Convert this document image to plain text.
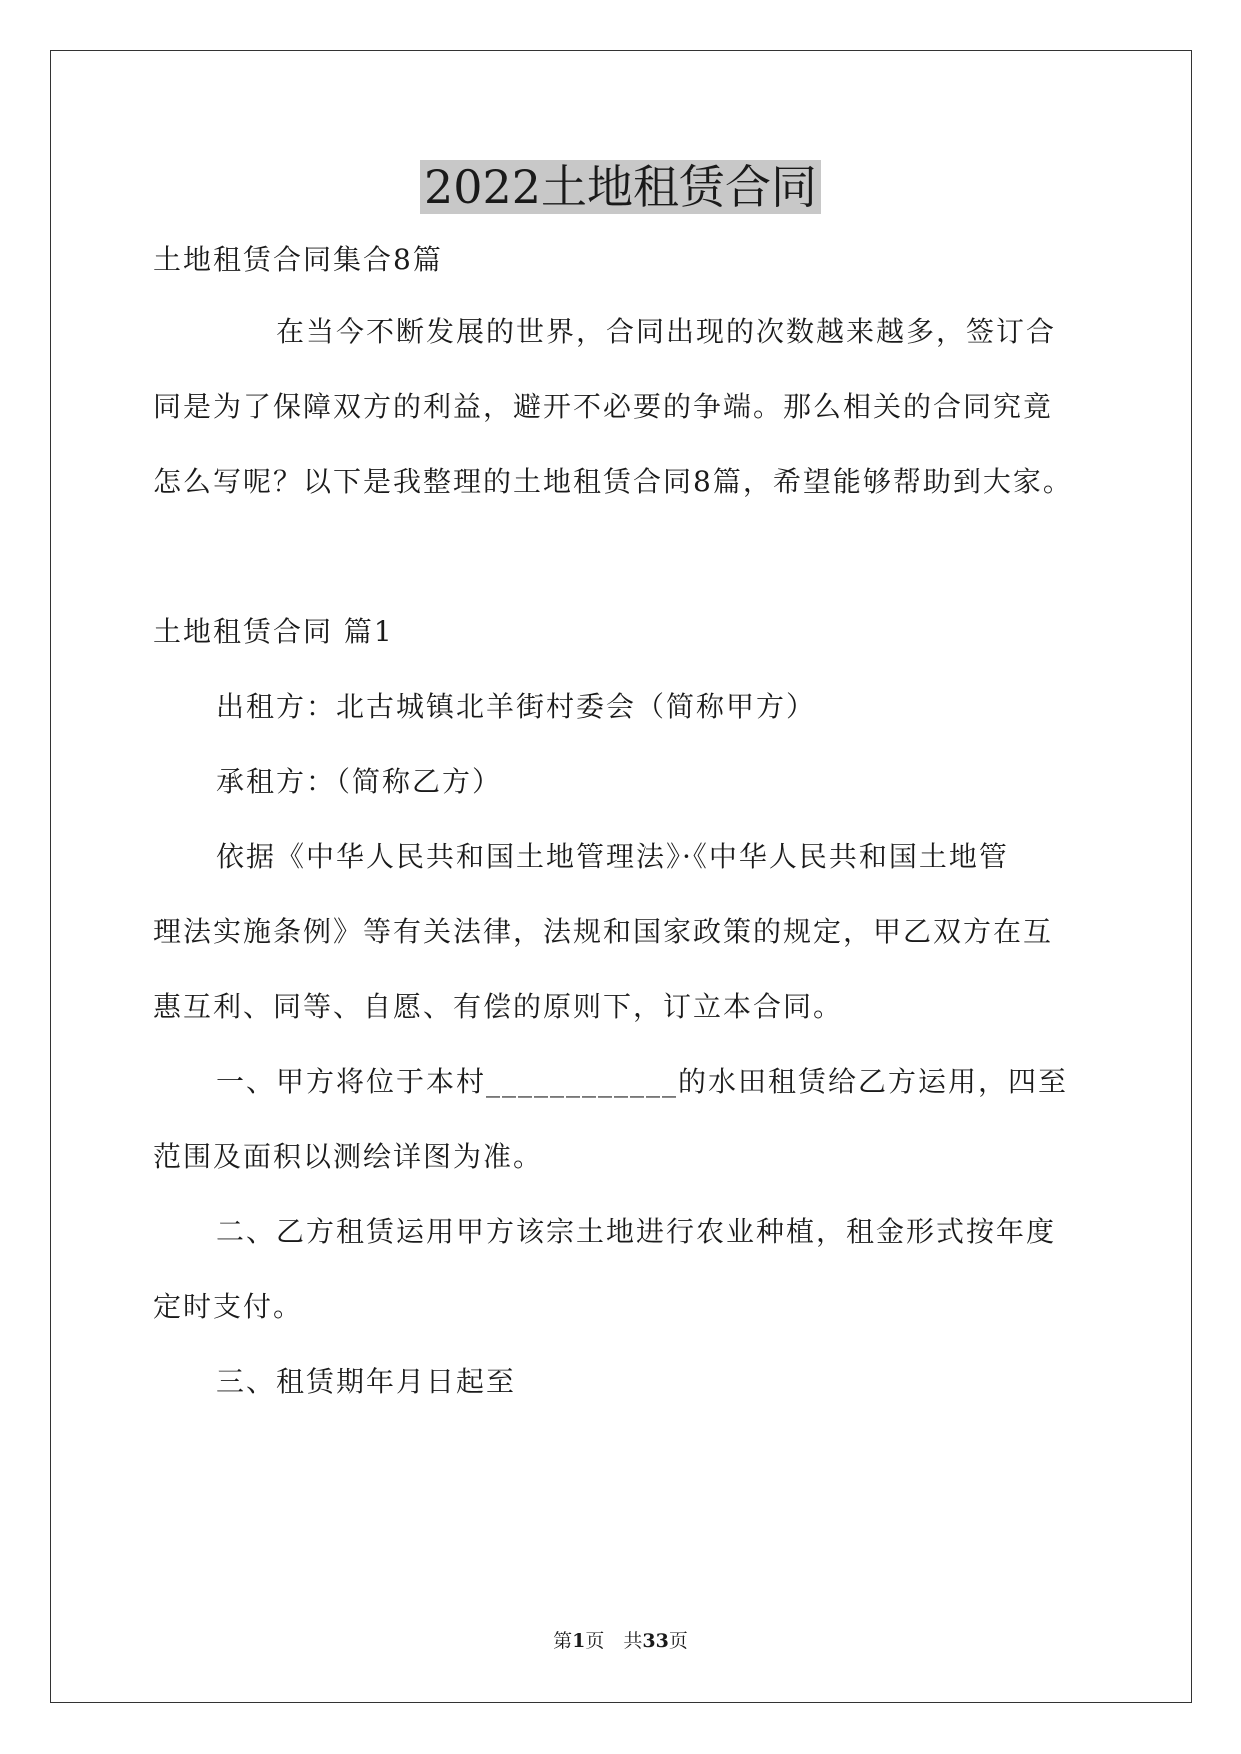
2022土地租赁合同
土地租赁合同集合8篇
在当今不断发展的世界，合同出现的次数越来越多，签订合
同是为了保障双方的利益，避开不必要的争端。那么相关的合同究竟
怎么写呢？以下是我整理的土地租赁合同8篇，希望能够帮助到大家。
土地租赁合同 篇1
出租方：北古城镇北羊街村委会（简称甲方）
承租方：（简称乙方）
依据《中华人民共和国土地管理法》·《中华人民共和国土地管
理法实施条例》等有关法律，法规和国家政策的规定，甲乙双方在互
惠互利、同等、自愿、有偿的原则下，订立本合同。
一、甲方将位于本村____________的水田租赁给乙方运用，四至
范围及面积以测绘详图为准。
二、乙方租赁运用甲方该宗土地进行农业种植，租金形式按年度
定时支付。
三、租赁期年月日起至
第1页　共33页
